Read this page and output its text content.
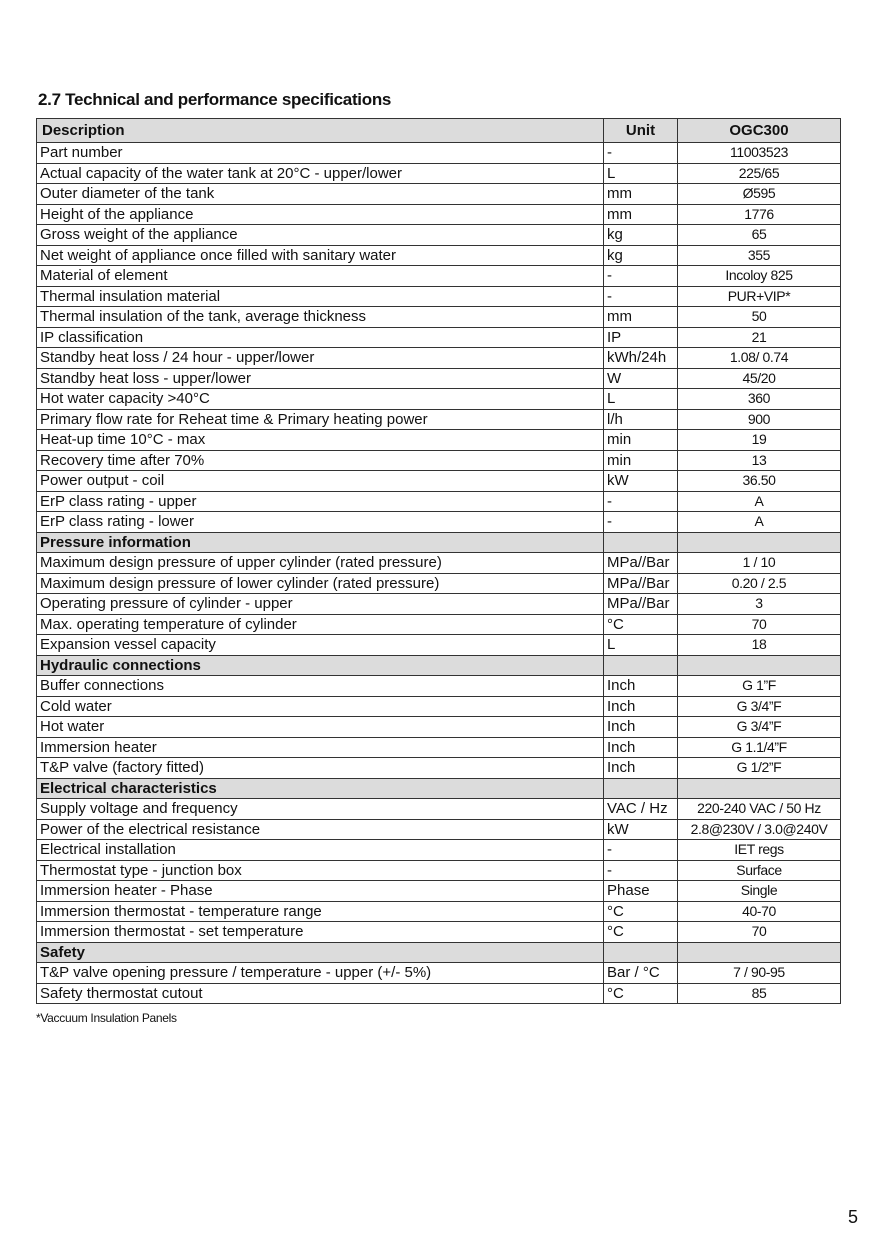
2.7 Technical and performance specifications
Description	Unit	OGC300
Part number	-	11003523
Actual capacity of the water tank at 20°C - upper/lower	L	225/65
Outer diameter of the tank	mm	Ø595
Height of the appliance	mm	1776
Gross weight of the appliance	kg	65
Net weight of appliance once filled with sanitary water	kg	355
Material of element	-	Incoloy 825
Thermal insulation material	-	PUR+VIP*
Thermal insulation of the tank, average thickness	mm	50
IP classification	IP	21
Standby heat loss / 24 hour - upper/lower	kWh/24h	1.08/ 0.74
Standby heat loss - upper/lower	W	45/20
Hot water capacity >40°C	L	360
Primary flow rate for Reheat time & Primary heating power	l/h	900
Heat-up time 10°C - max	min	19
Recovery time after 70%	min	13
Power output - coil	kW	36.50
ErP class rating - upper	-	A
ErP class rating - lower	-	A
Pressure information		
Maximum design pressure of upper cylinder (rated pressure)	MPa//Bar	1 / 10
Maximum design pressure of lower cylinder (rated pressure)	MPa//Bar	0.20 / 2.5
Operating pressure of cylinder - upper	MPa//Bar	3
Max. operating temperature of cylinder	°C	70
Expansion vessel capacity	L	18
Hydraulic connections		
Buffer connections	Inch	G 1”F
Cold water	Inch	G 3/4”F
Hot water	Inch	G 3/4”F
Immersion heater	Inch	G 1.1/4”F
T&P valve (factory fitted)	Inch	G 1/2”F
Electrical characteristics		
Supply voltage and frequency	VAC / Hz	220-240 VAC / 50 Hz
Power of the electrical resistance	kW	2.8@230V / 3.0@240V
Electrical installation	-	IET regs
Thermostat type - junction box	-	Surface
Immersion heater - Phase	Phase	Single
Immersion thermostat - temperature range	°C	40-70
Immersion thermostat - set temperature	°C	70
Safety		
T&P valve opening pressure / temperature - upper (+/- 5%)	Bar / °C	7 / 90-95
Safety thermostat cutout	°C	85
*Vaccuum Insulation Panels
5
